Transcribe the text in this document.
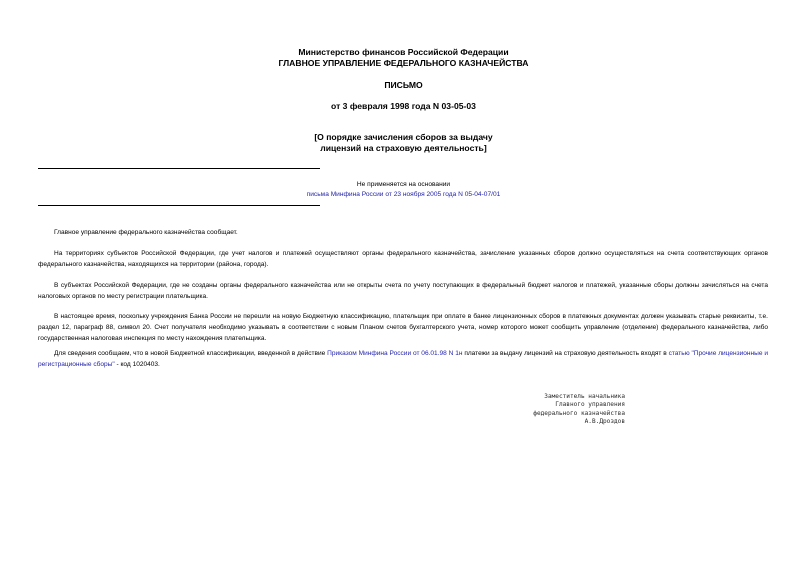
Министерство финансов Российской Федерации
ГЛАВНОЕ УПРАВЛЕНИЕ ФЕДЕРАЛЬНОГО КАЗНАЧЕЙСТВА
ПИСЬМО
от 3 февраля 1998 года N 03-05-03
[О порядке зачисления сборов за выдачу
лицензий на страховую деятельность]
Не применяется на основании
письма Минфина России от 23 ноября 2005 года N 05-04-07/01

Главное управление федерального казначейства сообщает.

На территориях субъектов Российской Федерации, где учет налогов и платежей осуществляют органы федерального казначейства, зачисление указанных сборов должно осуществляться на счета соответствующих органов федерального казначейства, находящихся на территории (района, города).

В субъектах Российской Федерации, где не созданы органы федерального казначейства или не открыты счета по учету поступающих в федеральный бюджет налогов и платежей, указанные сборы должны зачисляться на счета налоговых органов по месту регистрации плательщика.

В настоящее время, поскольку учреждения Банка России не перешли на новую Бюджетную классификацию, плательщик при оплате в банке лицензионных сборов в платежных документах должен указывать старые реквизиты, т.е. раздел 12, параграф 88, символ 20. Счет получателя необходимо указывать в соответствии с новым Планом счетов бухгалтерского учета, номер которого может сообщить управление (отделение) федерального казначейства, либо государственная налоговая инспекция по месту нахождения плательщика.

Для сведения сообщаем, что в новой Бюджетной классификации, введенной в действие Приказом Минфина России от 06.01.98 N 1н платежи за выдачу лицензий на страховую деятельность входят в статью "Прочие лицензионные и регистрационные сборы" - код 1020403.

Заместитель начальника
Главного управления
федерального казначейства
А.В.Дроздов
